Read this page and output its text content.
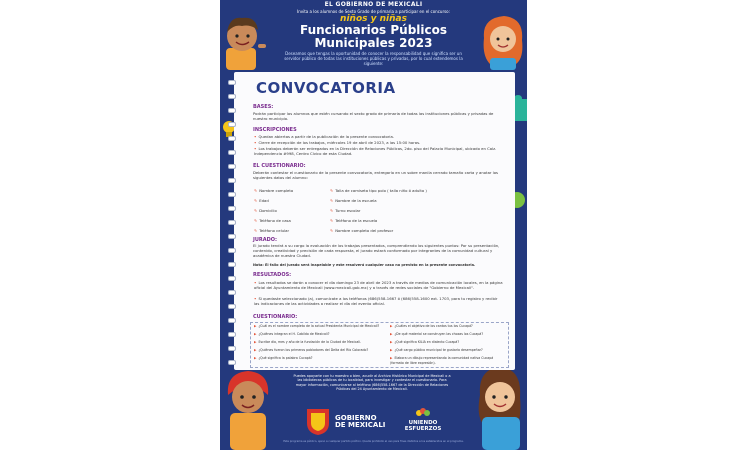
EL GOBIERNO DE MEXICALI
Invita a los alumnos de Sexto Grado de primaria a participar en el concurso:
niños y niñas
Funcionarios Públicos
Municipales 2023
Deseamos que tengas la oportunidad de conocer la responsabilidad que significa ser un servidor público de todas las instituciones públicas y privadas, por lo cual extendemos la siguiente:
CONVOCATORIA
BASES:
Podrán participar los alumnos que estén cursando el sexto grado de primaria de todas las instituciones públicas y privadas de nuestro municipio.
INSCRIPCIONES
• Quedan abiertas a partir de la publicación de la presente convocatoria.
• Cierre de recepción de los trabajos, miércoles 19 de abril de 2023, a las 15:00 horas.
• Los trabajos deberán ser entregados en la Dirección de Relaciones Públicas, 2do. piso del Palacio Municipal, ubicado en Calz. Independencia #998, Centro Cívico de esta Ciudad.
EL CUESTIONARIO:
Deberán contestar el cuestionario de la presente convocatoria, entregarlo en un sobre manila cerrado tamaño carta y anotar los siguientes datos del alumno:
✎ Nombre completo
✎ Edad
✎ Domicilio
✎ Teléfono de casa
✎ Teléfono celular
✎ Talla de camiseta tipo polo ( talla niño ó adulto )
✎ Nombre de la escuela
✎ Turno escolar
✎ Teléfono de la escuela
✎ Nombre completo del profesor
JURADO:
El jurado tendrá a su cargo la evaluación de los trabajos presentados, comprendiendo los siguientes puntos: Por su presentación, contenido, creatividad y precisión de cada respuesta, el jurado estará conformado por integrantes de la comunidad cultural y académica de nuestra Ciudad.
Nota: El fallo del jurado será inapelable y este resolverá cualquier caso no previsto en la presente convocatoria.
RESULTADOS:
• Los resultados se darán a conocer el día domingo 23 de abril de 2023 a través de medios de comunicación locales, en la página oficial del Ayuntamiento de Mexicali (www.mexicali.gob.mx) y a través de redes sociales de "Gobierno de Mexicali".
• Si quedaste seleccionado (a), comunícate a los teléfonos (686)558-1667 ó (686)558-1600 ext. 1703, para tu registro y recibir las indicaciones de las actividades a realizar el día del evento oficial.
CUESTIONARIO:
▶ ¿Cuál es el nombre completo de la actual Presidenta Municipal de Mexicali?
▶ ¿Quiénes integran el H. Cabildo de Mexicali?
▶ Escribe día, mes y año de la fundación de la Ciudad de Mexicali.
▶ ¿Quiénes fueron los primeros pobladores del Delta del Río Colorado?
▶ ¿Qué significa la palabra Cucapá?
▶ ¿Cuáles el objetivo de los cantos tus los Cucapá?
▶ ¿De qué material se construyen las chozas los Cucapá?
▶ ¿Qué significa KILIA en dialecto Cucapá?
▶ ¿Qué cargo público municipal te gustaría desempeñar?
▶ Elabora un dibujo representando la comunidad nativa Cucapá (formato de libre expresión).
Puedes apoyarte con tu maestro o bien, acudir al Archivo Histórico Municipal de Mexicali o a las bibliotecas públicas de tu localidad, para investigar y contestar el cuestionario. Para mayor información, comunicarse al teléfono (686)558-1667 de la Dirección de Relaciones Públicas del 24 Ayuntamiento de Mexicali.
GOBIERNO
DE MEXICALI	UNIENDO
ESFUERZOS
Este programa es público, ajeno a cualquier partido político. Queda prohibido el uso para fines distintos a los establecidos en el programa.
